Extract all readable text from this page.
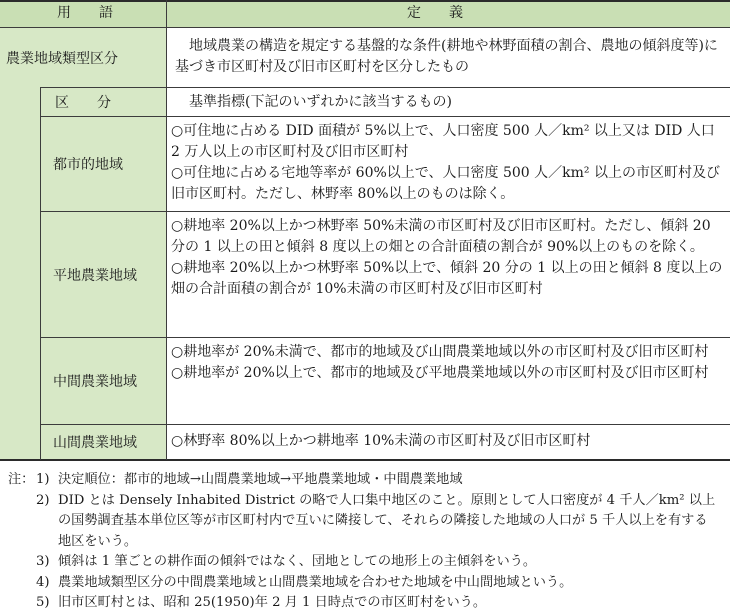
用　　語	定　　義
農業地域類型区分
　地域農業の構造を規定する基盤的な条件(耕地や林野面積の割合、農地の傾斜度等)に基づき市区町村及び旧市区町村を区分したもの
区　　分	　基準指標(下記のいずれかに該当するもの)
都市的地域
平地農業地域
中間農業地域
山間農業地域

○可住地に占める DID 面積が 5%以上で、人口密度 500 人／km² 以上又は DID 人口 2 万人以上の市区町村及び旧市区町村

○可住地に占める宅地等率が 60%以上で、人口密度 500 人／km² 以上の市区町村及び旧市区町村。ただし、林野率 80%以上のものは除く。

○耕地率 20%以上かつ林野率 50%未満の市区町村及び旧市区町村。ただし、傾斜 20 分の 1 以上の田と傾斜 8 度以上の畑との合計面積の割合が 90%以上のものを除く。

○耕地率 20%以上かつ林野率 50%以上で、傾斜 20 分の 1 以上の田と傾斜 8 度以上の畑の合計面積の割合が 10%未満の市区町村及び旧市区町村

○耕地率が 20%未満で、都市的地域及び山間農業地域以外の市区町村及び旧市区町村

○耕地率が 20%以上で、都市的地域及び平地農業地域以外の市区町村及び旧市区町村

○林野率 80%以上かつ耕地率 10%未満の市区町村及び旧市区町村

注： 1) 決定順位：都市的地域→山間農業地域→平地農業地域・中間農業地域
2) DID とは Densely Inhabited District の略で人口集中地区のこと。原則として人口密度が 4 千人／km² 以上の国勢調査基本単位区等が市区町村内で互いに隣接して、それらの隣接した地域の人口が 5 千人以上を有する地区をいう。
3) 傾斜は 1 筆ごとの耕作面の傾斜ではなく、団地としての地形上の主傾斜をいう。
4) 農業地域類型区分の中間農業地域と山間農業地域を合わせた地域を中山間地域という。
5) 旧市区町村とは、昭和 25(1950)年 2 月 1 日時点での市区町村をいう。
